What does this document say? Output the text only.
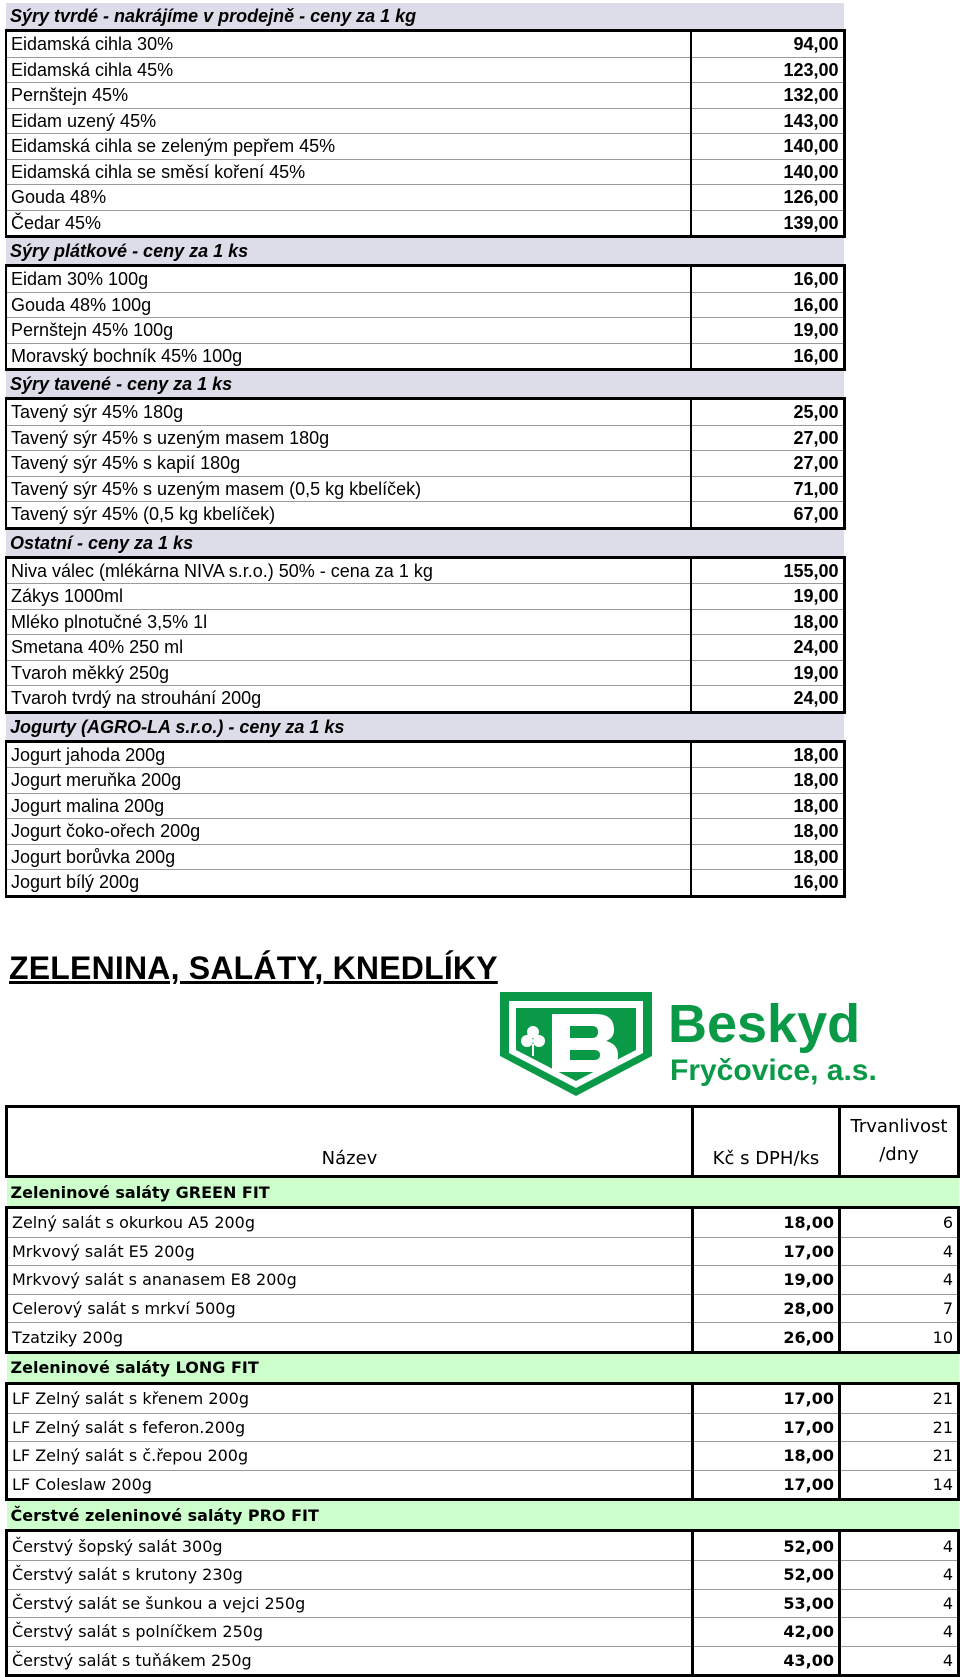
Sýry tvrdé - nakrájíme v prodejně - ceny za 1 kg	
Eidamská cihla 30%	94,00
Eidamská cihla 45%	123,00
Pernštejn 45%	132,00
Eidam uzený 45%	143,00
Eidamská cihla se zeleným pepřem 45%	140,00
Eidamská cihla se směsí koření 45%	140,00
Gouda 48%	126,00
Čedar 45%	139,00
Sýry plátkové - ceny za 1 ks	
Eidam 30% 100g	16,00
Gouda 48% 100g	16,00
Pernštejn 45% 100g	19,00
Moravský bochník 45% 100g	16,00
Sýry tavené - ceny za 1 ks	
Tavený sýr 45% 180g	25,00
Tavený sýr 45% s uzeným masem 180g	27,00
Tavený sýr 45% s kapií 180g	27,00
Tavený sýr 45% s uzeným masem (0,5 kg kbelíček)	71,00
Tavený sýr 45% (0,5 kg kbelíček)	67,00
Ostatní - ceny za 1 ks	
Niva válec (mlékárna NIVA s.r.o.) 50% - cena za 1 kg	155,00
Zákys 1000ml	19,00
Mléko plnotučné 3,5% 1l	18,00
Smetana 40% 250 ml	24,00
Tvaroh měkký 250g	19,00
Tvaroh tvrdý na strouhání 200g	24,00
Jogurty (AGRO-LA s.r.o.) - ceny za 1 ks	
Jogurt jahoda 200g	18,00
Jogurt meruňka 200g	18,00
Jogurt malina 200g	18,00
Jogurt čoko-ořech 200g	18,00
Jogurt borůvka 200g	18,00
Jogurt bílý 200g	16,00
ZELENINA, SALÁTY, KNEDLÍKY
Beskyd
Fryčovice, a.s.
Název	Kč s DPH/ks	Trvanlivost
/dny
Zeleninové saláty GREEN FIT		
Zelný salát s okurkou A5 200g	18,00	6
Mrkvový salát E5 200g	17,00	4
Mrkvový salát s ananasem E8 200g	19,00	4
Celerový salát s mrkví 500g	28,00	7
Tzatziky 200g	26,00	10
Zeleninové saláty LONG FIT		
LF Zelný salát s křenem 200g	17,00	21
LF Zelný salát s feferon.200g	17,00	21
LF Zelný salát s č.řepou 200g	18,00	21
LF Coleslaw 200g	17,00	14
Čerstvé zeleninové saláty PRO FIT		
Čerstvý šopský salát 300g	52,00	4
Čerstvý salát s krutony 230g	52,00	4
Čerstvý salát se šunkou a vejci 250g	53,00	4
Čerstvý salát s polníčkem 250g	42,00	4
Čerstvý salát s tuňákem 250g	43,00	4
